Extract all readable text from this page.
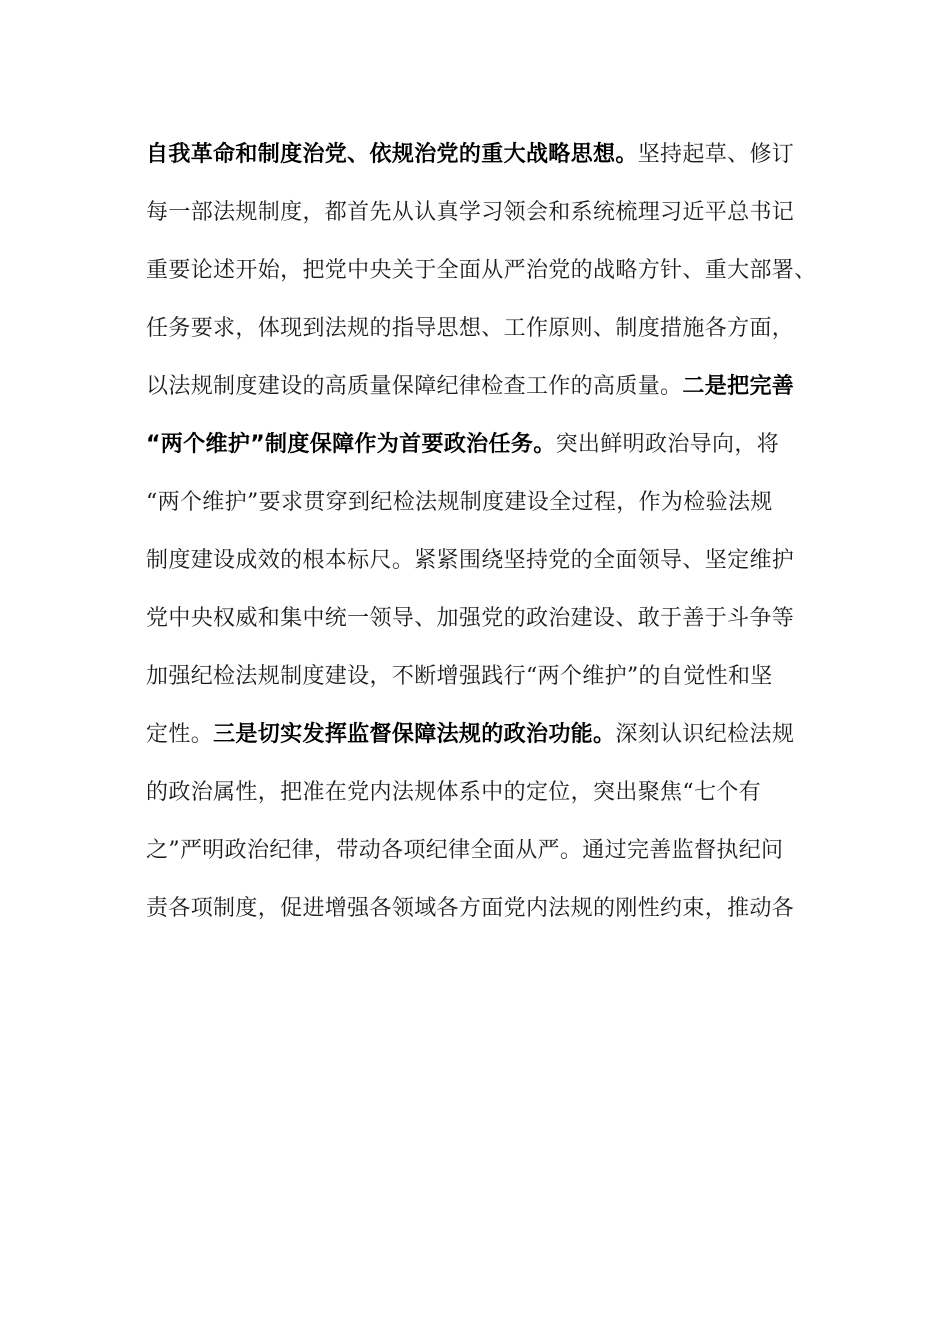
自我革命和制度治党、依规治党的重大战略思想。坚持起草、修订
每一部法规制度，都首先从认真学习领会和系统梳理习近平总书记
重要论述开始，把党中央关于全面从严治党的战略方针、重大部署、
任务要求，体现到法规的指导思想、工作原则、制度措施各方面，
以法规制度建设的高质量保障纪律检查工作的高质量。二是把完善
“两个维护”制度保障作为首要政治任务。突出鲜明政治导向，将
“两个维护”要求贯穿到纪检法规制度建设全过程，作为检验法规
制度建设成效的根本标尺。紧紧围绕坚持党的全面领导、坚定维护
党中央权威和集中统一领导、加强党的政治建设、敢于善于斗争等
加强纪检法规制度建设，不断增强践行“两个维护”的自觉性和坚
定性。三是切实发挥监督保障法规的政治功能。深刻认识纪检法规
的政治属性，把准在党内法规体系中的定位，突出聚焦“七个有
之”严明政治纪律，带动各项纪律全面从严。通过完善监督执纪问
责各项制度，促进增强各领域各方面党内法规的刚性约束，推动各
